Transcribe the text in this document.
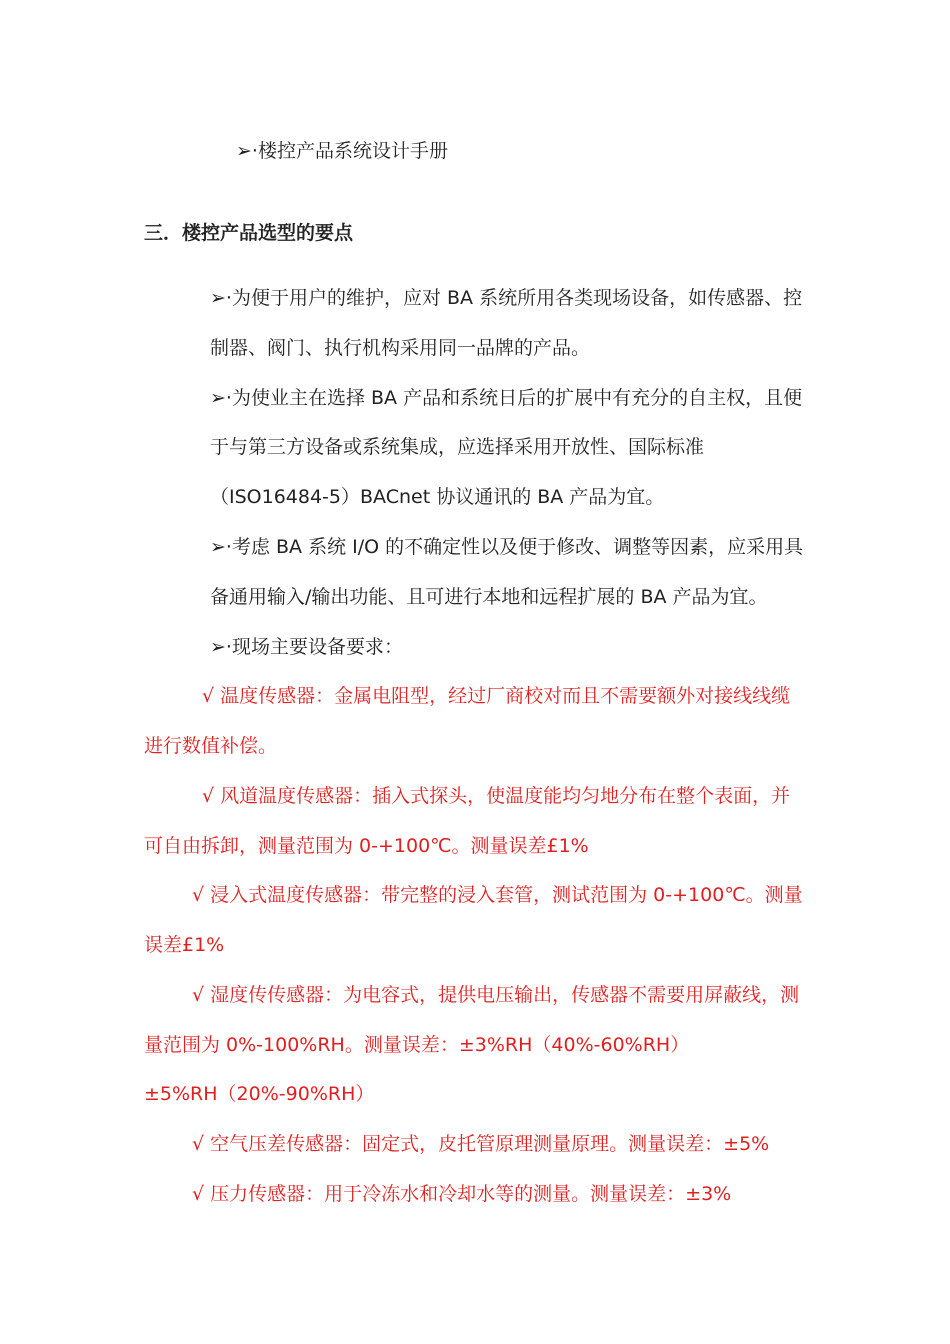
➢·楼控产品系统设计手册
三．楼控产品选型的要点
➢·为便于用户的维护，应对 BA 系统所用各类现场设备，如传感器、控
制器、阀门、执行机构采用同一品牌的产品。
➢·为使业主在选择 BA 产品和系统日后的扩展中有充分的自主权，且便
于与第三方设备或系统集成，应选择采用开放性、国际标准
（ISO16484-5）BACnet 协议通讯的 BA 产品为宜。
➢·考虑 BA 系统 I/O 的不确定性以及便于修改、调整等因素，应采用具
备通用输入/输出功能、且可进行本地和远程扩展的 BA 产品为宜。
➢·现场主要设备要求：
√ 温度传感器：金属电阻型，经过厂商校对而且不需要额外对接线线缆
进行数值补偿。
√ 风道温度传感器：插入式探头，使温度能均匀地分布在整个表面，并
可自由拆卸，测量范围为 0-+100℃。测量误差£1%
√ 浸入式温度传感器：带完整的浸入套管，测试范围为 0-+100℃。测量
误差£1%
√ 湿度传传感器：为电容式，提供电压输出，传感器不需要用屏蔽线，测
量范围为 0%-100%RH。测量误差：±3%RH（40%-60%RH）
±5%RH（20%-90%RH）
√ 空气压差传感器：固定式，皮托管原理测量原理。测量误差：±5%
√ 压力传感器：用于冷冻水和冷却水等的测量。测量误差：±3%
